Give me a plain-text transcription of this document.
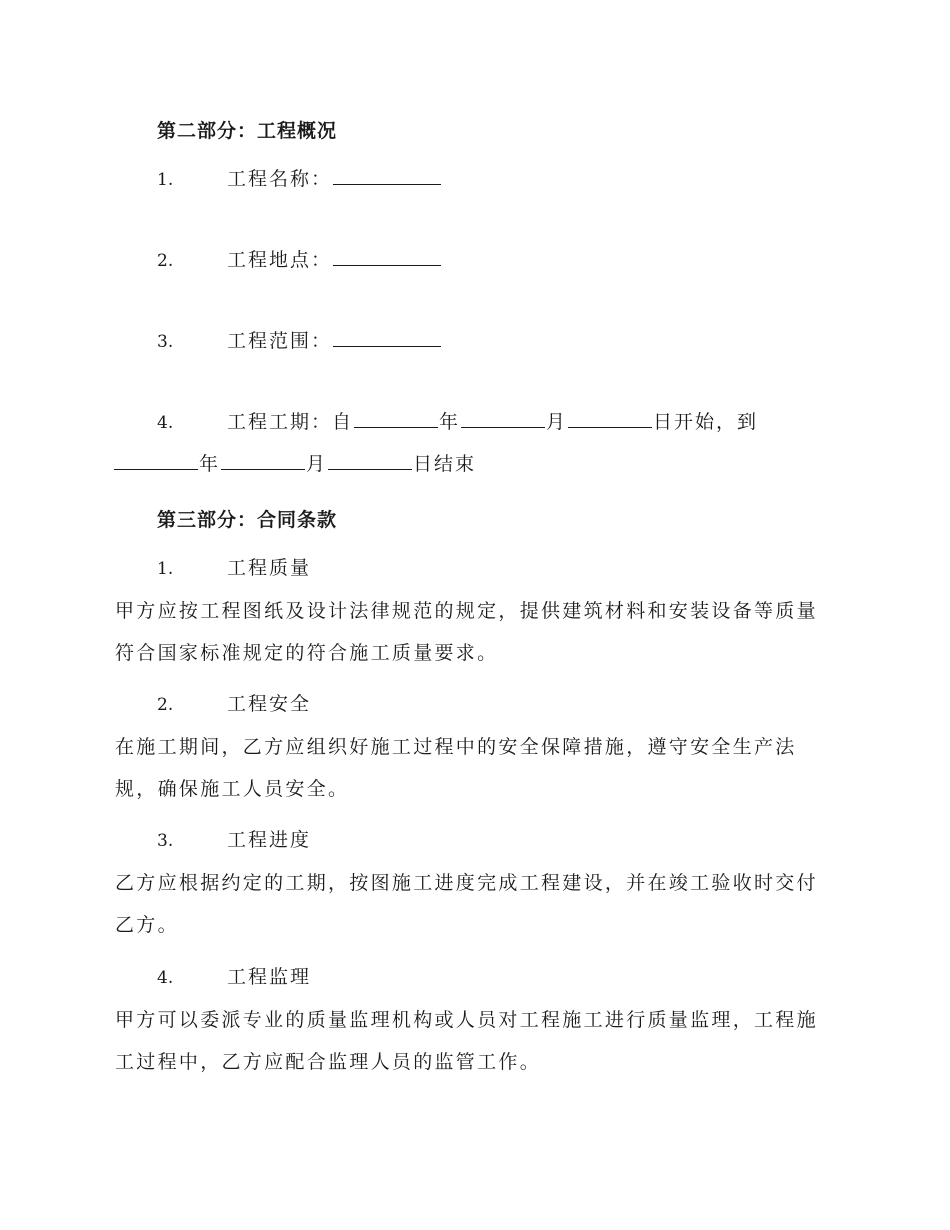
第二部分：工程概况
1.	工程名称：
2.	工程地点：
3.	工程范围：
4.	工程工期：自	年	月	日开始，到
年	月	日结束
第三部分：合同条款
1.	工程质量
甲方应按工程图纸及设计法律规范的规定，提供建筑材料和安装设备等质量符合国家标准规定的符合施工质量要求。
2.	工程安全
在施工期间，乙方应组织好施工过程中的安全保障措施，遵守安全生产法规，确保施工人员安全。
3.	工程进度
乙方应根据约定的工期，按图施工进度完成工程建设，并在竣工验收时交付乙方。
4.	工程监理
甲方可以委派专业的质量监理机构或人员对工程施工进行质量监理，工程施工过程中，乙方应配合监理人员的监管工作。
